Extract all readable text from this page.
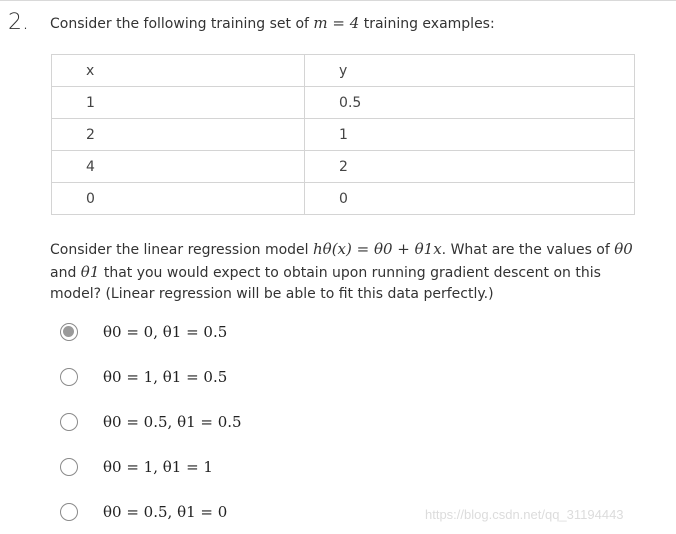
2. Consider the following training set of m = 4 training examples:
x	y
1	0.5
2	1
4	2
0	0
Consider the linear regression model hθ(x) = θ0 + θ1x. What are the values of θ0 and θ1 that you would expect to obtain upon running gradient descent on this model? (Linear regression will be able to fit this data perfectly.)
θ0 = 0, θ1 = 0.5
θ0 = 1, θ1 = 0.5
θ0 = 0.5, θ1 = 0.5
θ0 = 1, θ1 = 1
θ0 = 0.5, θ1 = 0	https://blog.csdn.net/qq_31194443
